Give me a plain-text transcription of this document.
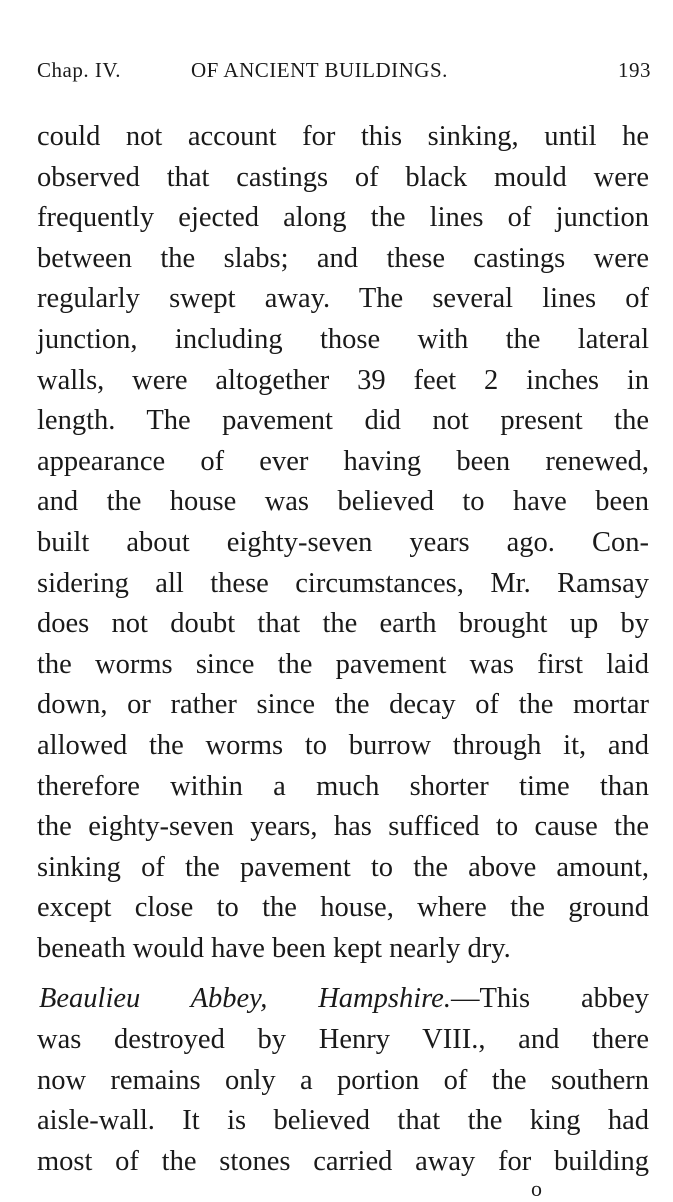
Chap. IV.	OF ANCIENT BUILDINGS.	193
could not account for this sinking, until he
observed that castings of black mould were
frequently ejected along the lines of junction
between the slabs; and these castings were
regularly swept away. The several lines of
junction, including those with the lateral
walls, were altogether 39 feet 2 inches in
length. The pavement did not present the
appearance of ever having been renewed,
and the house was believed to have been
built about eighty-seven years ago. Con-
sidering all these circumstances, Mr. Ramsay
does not doubt that the earth brought up by
the worms since the pavement was first laid
down, or rather since the decay of the mortar
allowed the worms to burrow through it, and
therefore within a much shorter time than
the eighty-seven years, has sufficed to cause the
sinking of the pavement to the above amount,
except close to the house, where the ground
beneath would have been kept nearly dry.
Beaulieu Abbey, Hampshire.—This abbey
was destroyed by Henry VIII., and there
now remains only a portion of the southern
aisle-wall. It is believed that the king had
most of the stones carried away for building
o
